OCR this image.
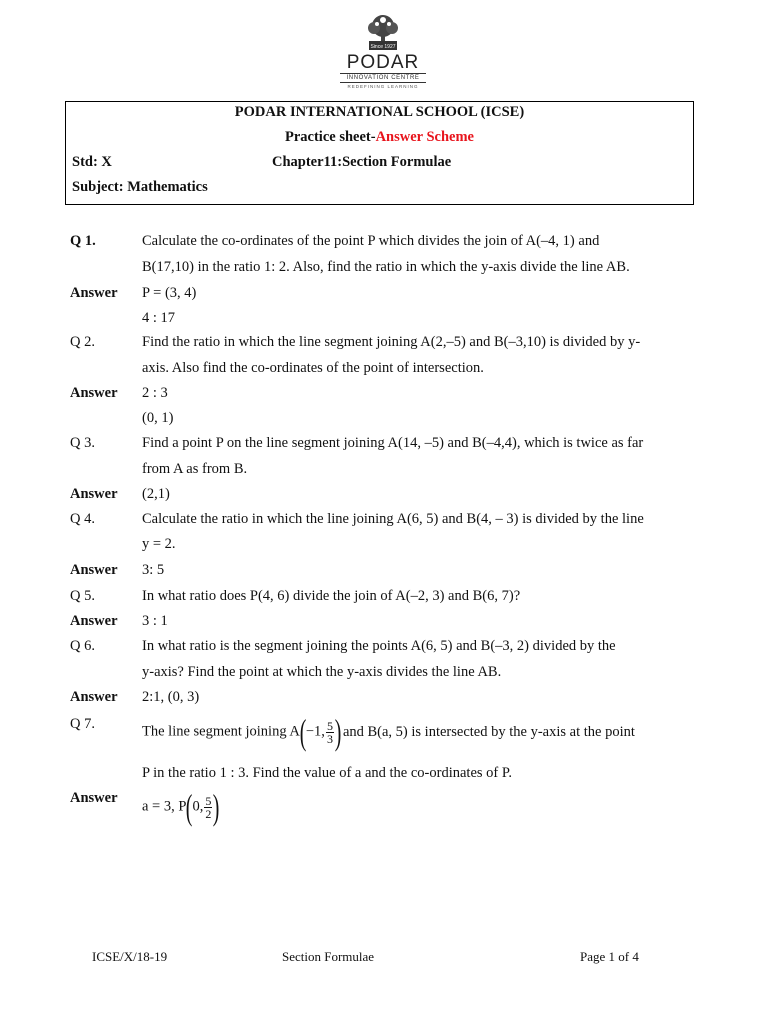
Since 1927
PODAR
INNOVATION CENTRE
REDEFINING LEARNING
PODAR INTERNATIONAL SCHOOL (ICSE)
Practice sheet-Answer Scheme
Std: X	Chapter11:Section Formulae
Subject: Mathematics
Q 1.	Calculate the co-ordinates of the point P which divides the join of A(–4, 1) and
B(17,10) in the ratio 1: 2. Also, find the ratio in which the y-axis divide the line AB.
Answer P = (3, 4)
4 : 17
Q 2.	Find the ratio in which the line segment joining A(2,–5) and B(–3,10) is divided by y-
axis. Also find the co-ordinates of the point of intersection.
Answer 2 : 3
(0, 1)
Q 3.	Find a point P on the line segment joining A(14, –5) and B(–4,4), which is twice as far
from A as from B.
Answer (2,1)
Q 4.	Calculate the ratio in which the line joining A(6, 5) and B(4, – 3) is divided by the line
y = 2.
Answer 3: 5
Q 5.	In what ratio does P(4, 6) divide the join of A(–2, 3) and B(6, 7)?
Answer 3 : 1
Q 6.	In what ratio is the segment joining the points A(6, 5) and B(–3, 2) divided by the
y-axis? Find the point at which the y-axis divides the line AB.
Answer 2:1, (0, 3)
Q 7.	The line segment joining A(−1, $\frac{5}{3}$ ) and B(a, 5) is intersected by the y-axis at the point
P in the ratio 1 : 3. Find the value of a and the co-ordinates of P.
Answer
a = 3, P(0, $\frac{5}{2}$ )
ICSE/X/18-19	Section Formulae	Page 1 of 4
